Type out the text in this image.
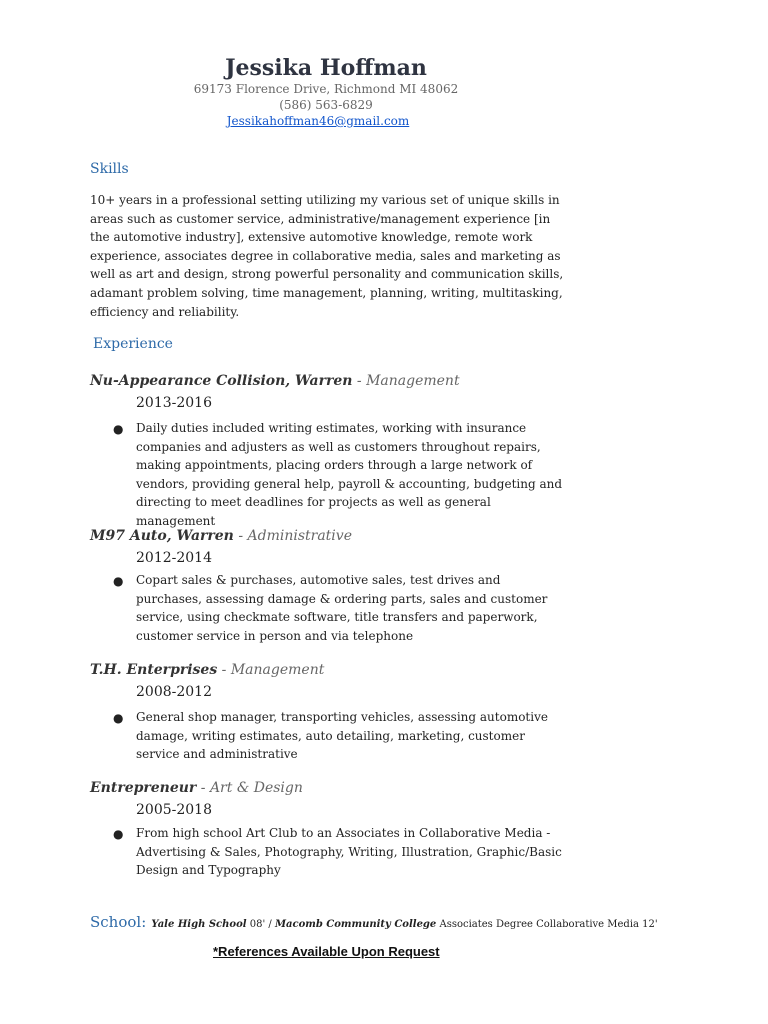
Jessika Hoffman
69173 Florence Drive, Richmond MI 48062
(586) 563-6829
Jessikahoffman46@gmail.com
Skills
10+ years in a professional setting utilizing my various set of unique skills in areas such as customer service, administrative/management experience [in the automotive industry], extensive automotive knowledge, remote work experience, associates degree in collaborative media, sales and marketing as well as art and design, strong powerful personality and communication skills, adamant problem solving, time management, planning, writing, multitasking, efficiency and reliability.
Experience
Nu-Appearance Collision, Warren - Management
2013-2016
● Daily duties included writing estimates, working with insurance companies and adjusters as well as customers throughout repairs, making appointments, placing orders through a large network of vendors, providing general help, payroll & accounting, budgeting and directing to meet deadlines for projects as well as general management
M97 Auto, Warren - Administrative
2012-2014
● Copart sales & purchases, automotive sales, test drives and purchases, assessing damage & ordering parts, sales and customer service, using checkmate software, title transfers and paperwork, customer service in person and via telephone
T.H. Enterprises - Management
2008-2012
● General shop manager, transporting vehicles, assessing automotive damage, writing estimates, auto detailing, marketing, customer service and administrative
Entrepreneur - Art & Design
2005-2018
● From high school Art Club to an Associates in Collaborative Media - Advertising & Sales, Photography, Writing, Illustration, Graphic/Basic Design and Typography
School: Yale High School 08' / Macomb Community College Associates Degree Collaborative Media 12'
*References Available Upon Request
